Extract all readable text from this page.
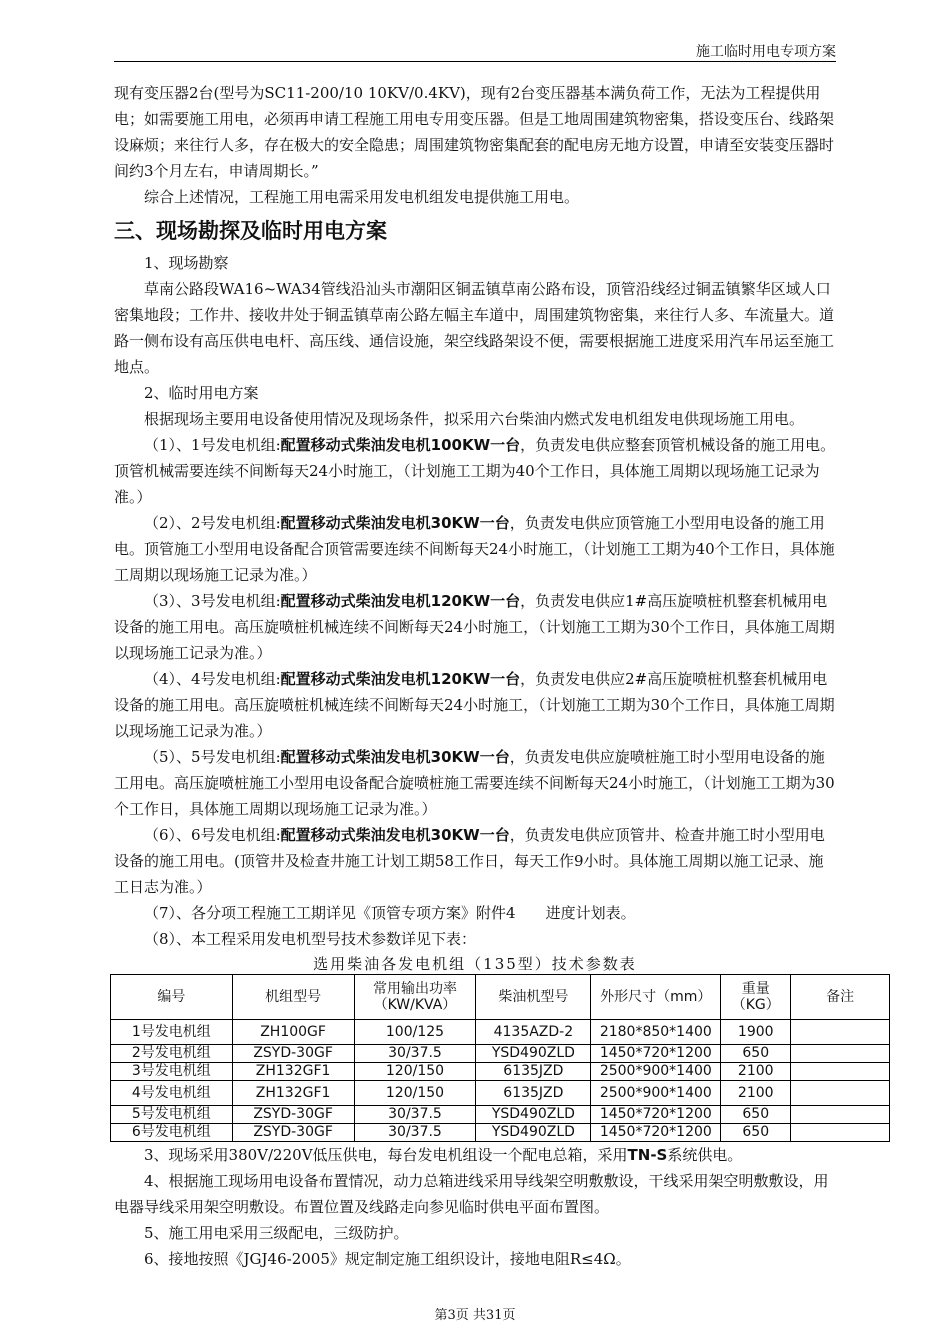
施工临时用电专项方案

现有变压器2台(型号为SC11-200/10 10KV/0.4KV)，现有2台变压器基本满负荷工作，无法为工程提供用电；如需要施工用电，必须再申请工程施工用电专用变压器。但是工地周围建筑物密集，搭设变压台、线路架设麻烦；来往行人多，存在极大的安全隐患；周围建筑物密集配套的配电房无地方设置，申请至安装变压器时间约3个月左右，申请周期长。”

综合上述情况，工程施工用电需采用发电机组发电提供施工用电。

三、现场勘探及临时用电方案

1、现场勘察

草南公路段WA16~WA34管线沿汕头市潮阳区铜盂镇草南公路布设，顶管沿线经过铜盂镇繁华区域人口密集地段；工作井、接收井处于铜盂镇草南公路左幅主车道中，周围建筑物密集，来往行人多、车流量大。道路一侧布设有高压供电电杆、高压线、通信设施，架空线路架设不便，需要根据施工进度采用汽车吊运至施工地点。

2、临时用电方案

根据现场主要用电设备使用情况及现场条件，拟采用六台柴油内燃式发电机组发电供现场施工用电。

（1）、1号发电机组:配置移动式柴油发电机100KW一台，负责发电供应整套顶管机械设备的施工用电。顶管机械需要连续不间断每天24小时施工，（计划施工工期为40个工作日，具体施工周期以现场施工记录为准。）

（2）、2号发电机组:配置移动式柴油发电机30KW一台，负责发电供应顶管施工小型用电设备的施工用电。顶管施工小型用电设备配合顶管需要连续不间断每天24小时施工，（计划施工工期为40个工作日，具体施工周期以现场施工记录为准。）

（3）、3号发电机组:配置移动式柴油发电机120KW一台，负责发电供应1#高压旋喷桩机整套机械用电设备的施工用电。高压旋喷桩机械连续不间断每天24小时施工，（计划施工工期为30个工作日，具体施工周期以现场施工记录为准。）

（4）、4号发电机组:配置移动式柴油发电机120KW一台，负责发电供应2#高压旋喷桩机整套机械用电设备的施工用电。高压旋喷桩机械连续不间断每天24小时施工，（计划施工工期为30个工作日，具体施工周期以现场施工记录为准。）

（5）、5号发电机组:配置移动式柴油发电机30KW一台，负责发电供应旋喷桩施工时小型用电设备的施工用电。高压旋喷桩施工小型用电设备配合旋喷桩施工需要连续不间断每天24小时施工，（计划施工工期为30个工作日，具体施工周期以现场施工记录为准。）

（6）、6号发电机组:配置移动式柴油发电机30KW一台，负责发电供应顶管井、检查井施工时小型用电设备的施工用电。(顶管井及检查井施工计划工期58工作日，每天工作9小时。具体施工周期以施工记录、施工日志为准。）

（7）、各分项工程施工工期详见《顶管专项方案》附件4　　进度计划表。

（8）、本工程采用发电机型号技术参数详见下表：

选用柴油各发电机组（135型）技术参数表
编号	机组型号	常用输出功率（KW/KVA）	柴油机型号	外形尺寸（mm）	重量（KG）	备注
1号发电机组	ZH100GF	100/125	4135AZD-2	2180*850*1400	1900	
2号发电机组	ZSYD-30GF	30/37.5	YSD490ZLD	1450*720*1200	650	
3号发电机组	ZH132GF1	120/150	6135JZD	2500*900*1400	2100	
4号发电机组	ZH132GF1	120/150	6135JZD	2500*900*1400	2100	
5号发电机组	ZSYD-30GF	30/37.5	YSD490ZLD	1450*720*1200	650	
6号发电机组	ZSYD-30GF	30/37.5	YSD490ZLD	1450*720*1200	650	

3、现场采用380V/220V低压供电，每台发电机组设一个配电总箱，采用TN-S系统供电。

4、根据施工现场用电设备布置情况，动力总箱进线采用导线架空明敷敷设，干线采用架空明敷敷设，用电器导线采用架空明敷设。布置位置及线路走向参见临时供电平面布置图。

5、施工用电采用三级配电，三级防护。

6、接地按照《JGJ46-2005》规定制定施工组织设计，接地电阻R≤4Ω。

第3页 共31页
